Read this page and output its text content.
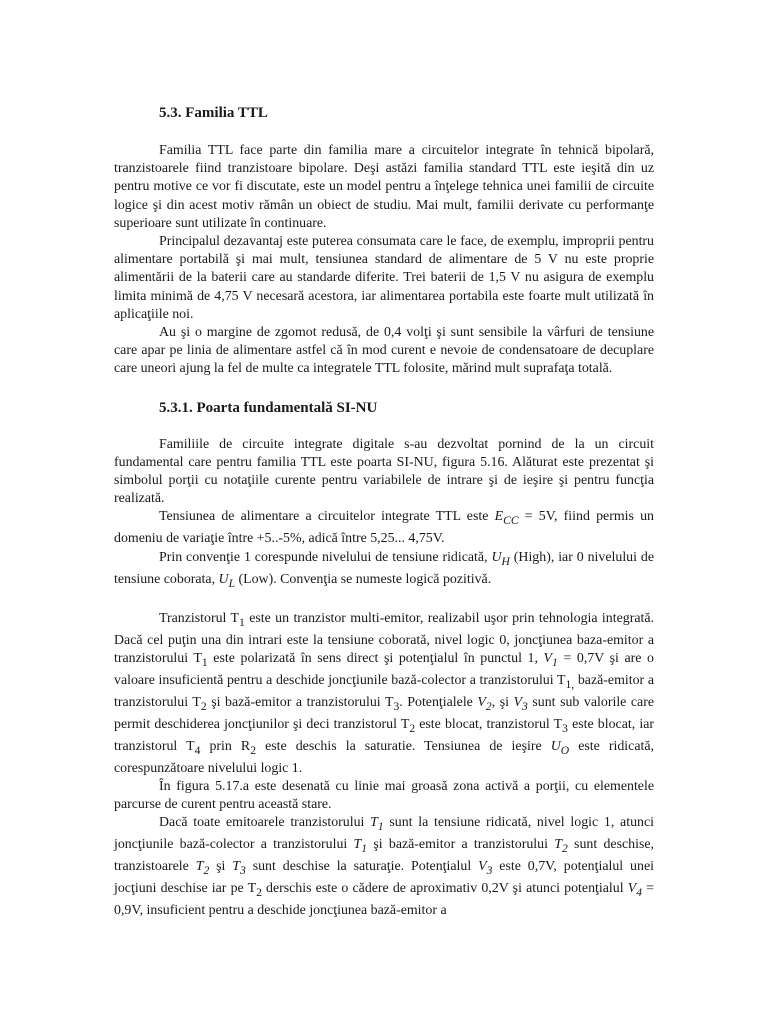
5.3. Familia TTL

Familia TTL face parte din familia mare a circuitelor integrate în tehnică bipolară, tranzistoarele fiind tranzistoare bipolare. Deşi astăzi familia standard TTL este ieşită din uz pentru motive ce vor fi discutate, este un model pentru a înţelege tehnica unei familii de circuite logice şi din acest motiv rămân un obiect de studiu. Mai mult, familii derivate cu performanţe superioare sunt utilizate în continuare.

Principalul dezavantaj este puterea consumata care le face, de exemplu, improprii pentru alimentare portabilă şi mai mult, tensiunea standard de alimentare de 5 V nu este proprie alimentării de la baterii care au standarde diferite. Trei baterii de 1,5 V nu asigura de exemplu limita minimă de 4,75 V necesară acestora, iar alimentarea portabila este foarte mult utilizată în aplicaţiile noi.

Au şi o margine de zgomot redusă, de 0,4 volţi şi sunt sensibile la vârfuri de tensiune care apar pe linia de alimentare astfel că în mod curent e nevoie de condensatoare de decuplare care uneori ajung la fel de multe ca integratele TTL folosite, mărind mult suprafaţa totală.

5.3.1. Poarta fundamentală SI-NU

Familiile de circuite integrate digitale s-au dezvoltat pornind de la un circuit fundamental care pentru familia TTL este poarta SI-NU, figura 5.16. Alăturat este prezentat şi simbolul porţii cu notaţiile curente pentru variabilele de intrare şi de ieşire şi pentru funcţia realizată.

Tensiunea de alimentare a circuitelor integrate TTL este $E_{CC} = 5V$, fiind permis un domeniu de variaţie între +5..-5%, adică între 5,25... 4,75V.

Prin convenţie 1 corespunde nivelului de tensiune ridicată, $U_H$ (High), iar 0 nivelului de tensiune coborata, $U_L$ (Low). Convenţia se numeste logică pozitivă.

Tranzistorul $T_1$ este un tranzistor multi-emitor, realizabil uşor prin tehnologia integrată. Dacă cel puţin una din intrari este la tensiune coborată, nivel logic 0, joncţiunea baza-emitor a tranzistorului $T_1$ este polarizată în sens direct şi potenţialul în punctul 1, $V_1 = 0,7V$ şi are o valoare insuficientă pentru a deschide joncţiunile bază-colector a tranzistorului $T_{1,}$ bază-emitor a tranzistorului $T_2$ şi bază-emitor a tranzistorului $T_3$. Potenţialele $V_2$, şi $V_3$ sunt sub valorile care permit deschiderea joncţiunilor şi deci tranzistorul $T_2$ este blocat, tranzistorul $T_3$ este blocat, iar tranzistorul $T_4$ prin $R_2$ este deschis la saturatie. Tensiunea de ieşire $U_O$ este ridicată, corespunzătoare nivelului logic 1.

În figura 5.17.a este desenată cu linie mai groasă zona activă a porţii, cu elementele parcurse de curent pentru această stare.

Dacă toate emitoarele tranzistorului $T_1$ sunt la tensiune ridicată, nivel logic 1, atunci joncţiunile bază-colector a tranzistorului $T_1$ şi bază-emitor a tranzistorului $T_2$ sunt deschise, tranzistoarele $T_2$ şi $T_3$ sunt deschise la saturaţie. Potenţialul $V_3$ este 0,7V, potenţialul unei jocţiuni deschise iar pe $T_2$ derschis este o cădere de aproximativ 0,2V şi atunci potenţialul $V_4 = 0,9V$, insuficient pentru a deschide joncţiunea bază-emitor a
